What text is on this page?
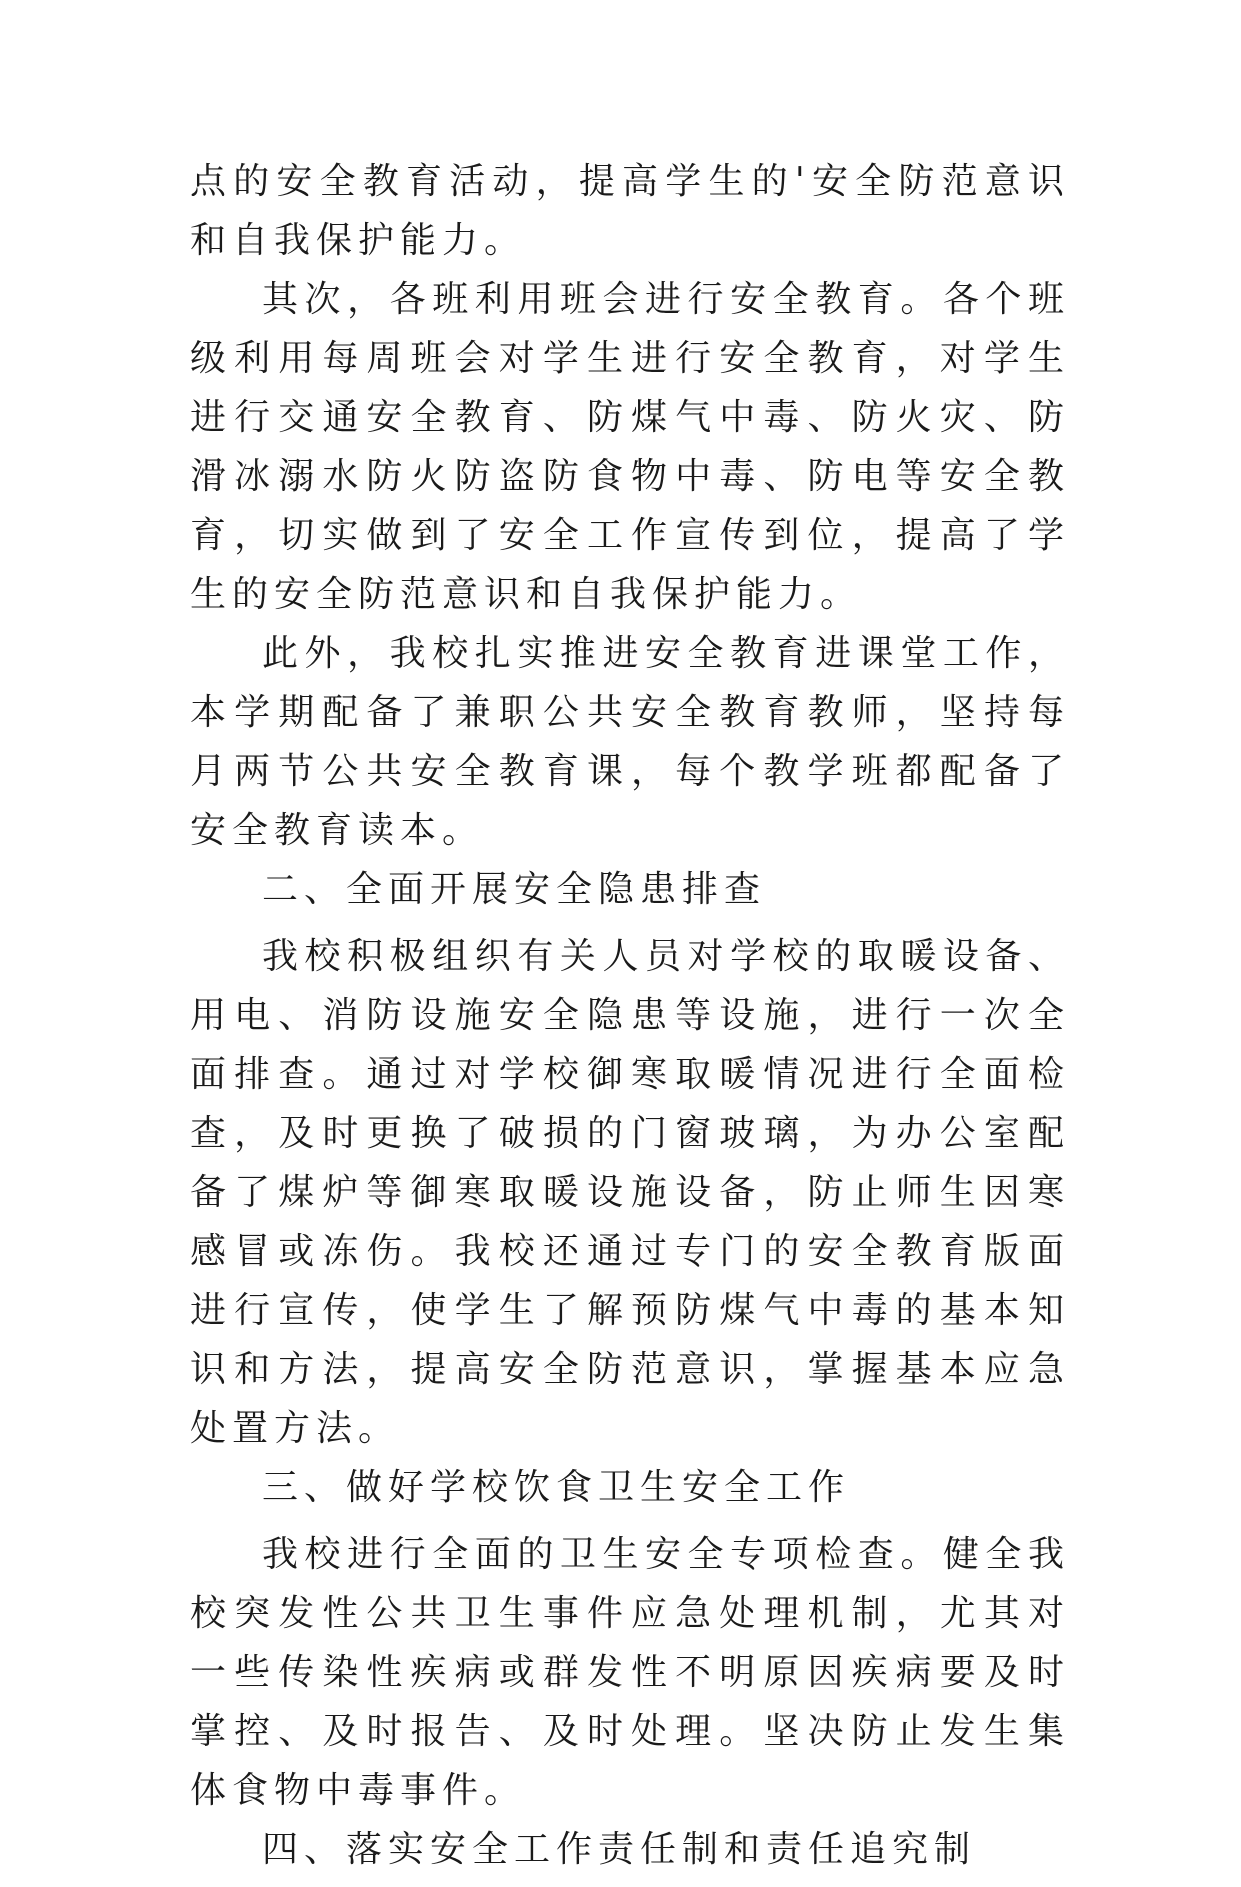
点的安全教育活动，提高学生的'安全防范意识和自我保护能力。

其次，各班利用班会进行安全教育。各个班级利用每周班会对学生进行安全教育，对学生进行交通安全教育、防煤气中毒、防火灾、防滑冰溺水防火防盗防食物中毒、防电等安全教育，切实做到了安全工作宣传到位，提高了学生的安全防范意识和自我保护能力。

此外，我校扎实推进安全教育进课堂工作，本学期配备了兼职公共安全教育教师，坚持每月两节公共安全教育课，每个教学班都配备了安全教育读本。

二、全面开展安全隐患排查

我校积极组织有关人员对学校的取暖设备、用电、消防设施安全隐患等设施，进行一次全面排查。通过对学校御寒取暖情况进行全面检查，及时更换了破损的门窗玻璃，为办公室配备了煤炉等御寒取暖设施设备，防止师生因寒感冒或冻伤。我校还通过专门的安全教育版面进行宣传，使学生了解预防煤气中毒的基本知识和方法，提高安全防范意识，掌握基本应急处置方法。

三、做好学校饮食卫生安全工作

我校进行全面的卫生安全专项检查。健全我校突发性公共卫生事件应急处理机制，尤其对一些传染性疾病或群发性不明原因疾病要及时掌控、及时报告、及时处理。坚决防止发生集体食物中毒事件。

四、落实安全工作责任制和责任追究制
